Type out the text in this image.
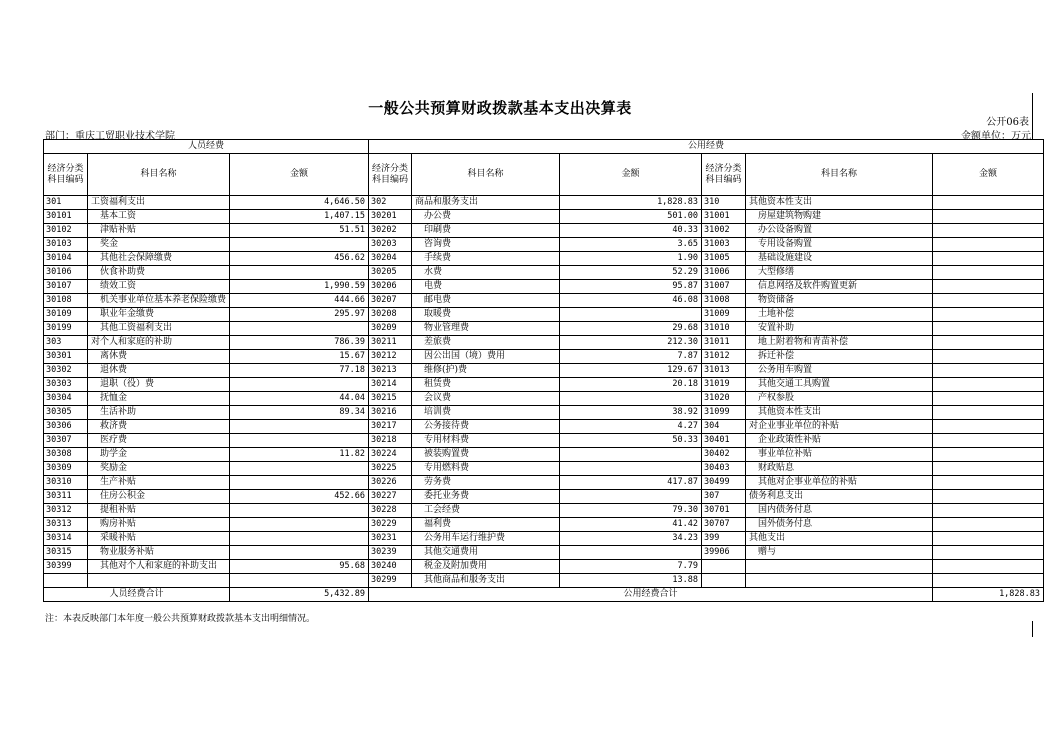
一般公共预算财政拨款基本支出决算表
公开06表
部门：重庆工贸职业技术学院	金额单位：万元
人员经费			公用经费					
经济分类科目编码	科目名称	金额	经济分类科目编码	科目名称	金额	经济分类科目编码	科目名称	金额
301	工资福利支出	4,646.50	302	商品和服务支出	1,828.83	310	其他资本性支出	
30101	基本工资	1,407.15	30201	办公费	501.00	31001	房屋建筑物购建	
30102	津贴补贴	51.51	30202	印刷费	40.33	31002	办公设备购置	
30103	奖金		30203	咨询费	3.65	31003	专用设备购置	
30104	其他社会保障缴费	456.62	30204	手续费	1.90	31005	基础设施建设	
30106	伙食补助费		30205	水费	52.29	31006	大型修缮	
30107	绩效工资	1,990.59	30206	电费	95.87	31007	信息网络及软件购置更新	
30108	机关事业单位基本养老保险缴费	444.66	30207	邮电费	46.08	31008	物资储备	
30109	职业年金缴费	295.97	30208	取暖费		31009	土地补偿	
30199	其他工资福利支出		30209	物业管理费	29.68	31010	安置补助	
303	对个人和家庭的补助	786.39	30211	差旅费	212.30	31011	地上附着物和青苗补偿	
30301	离休费	15.67	30212	因公出国（境）费用	7.87	31012	拆迁补偿	
30302	退休费	77.18	30213	维修(护)费	129.67	31013	公务用车购置	
30303	退职（役）费		30214	租赁费	20.18	31019	其他交通工具购置	
30304	抚恤金	44.04	30215	会议费		31020	产权参股	
30305	生活补助	89.34	30216	培训费	38.92	31099	其他资本性支出	
30306	救济费		30217	公务接待费	4.27	304	对企业事业单位的补贴	
30307	医疗费		30218	专用材料费	50.33	30401	企业政策性补贴	
30308	助学金	11.82	30224	被装购置费		30402	事业单位补贴	
30309	奖励金		30225	专用燃料费		30403	财政贴息	
30310	生产补贴		30226	劳务费	417.87	30499	其他对企事业单位的补贴	
30311	住房公积金	452.66	30227	委托业务费		307	债务利息支出	
30312	提租补贴		30228	工会经费	79.30	30701	国内债务付息	
30313	购房补贴		30229	福利费	41.42	30707	国外债务付息	
30314	采暖补贴		30231	公务用车运行维护费	34.23	399	其他支出	
30315	物业服务补贴		30239	其他交通费用		39906	赠与	
30399	其他对个人和家庭的补助支出	95.68	30240	税金及附加费用	7.79			
			30299	其他商品和服务支出	13.88			
人员经费合计		5,432.89	公用经费合计					1,828.83
注：本表反映部门本年度一般公共预算财政拨款基本支出明细情况。
